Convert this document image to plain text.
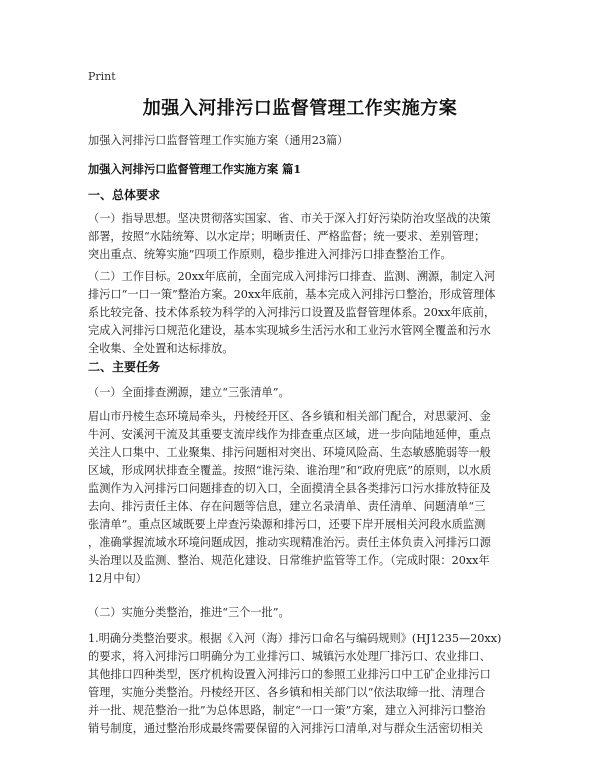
Print
加强入河排污口监督管理工作实施方案
加强入河排污口监督管理工作实施方案（通用23篇）
加强入河排污口监督管理工作实施方案 篇1
一、总体要求
（一）指导思想。坚决贯彻落实国家、省、市关于深入打好污染防治攻坚战的决策
部署，按照“水陆统筹、以水定岸；明晰责任、严格监督；统一要求、差别管理；
突出重点、统筹实施”四项工作原则，稳步推进入河排污口排查整治工作。
（二）工作目标。20xx年底前，全面完成入河排污口排查、监测、溯源，制定入河
排污口“一口一策”整治方案。20xx年底前，基本完成入河排污口整治，形成管理体
系比较完备、技术体系较为科学的入河排污口设置及监督管理体系。20xx年底前，
完成入河排污口规范化建设，基本实现城乡生活污水和工业污水管网全覆盖和污水
全收集、全处置和达标排放。
二、主要任务
（一）全面排查溯源，建立“三张清单”。
眉山市丹棱生态环境局牵头，丹棱经开区、各乡镇和相关部门配合，对思蒙河、金
牛河、安溪河干流及其重要支流岸线作为排查重点区域，进一步向陆地延伸，重点
关注人口集中、工业聚集、排污问题相对突出、环境风险高、生态敏感脆弱等一般
区域，形成网状排查全覆盖。按照“谁污染、谁治理”和“政府兜底”的原则，以水质
监测作为入河排污口问题排查的切入口，全面摸清全县各类排污口污水排放特征及
去向、排污责任主体、存在问题等信息，建立名录清单、责任清单、问题清单“三
张清单”。重点区域既要上岸查污染源和排污口，还要下岸开展相关河段水质监测
，准确掌握流域水环境问题成因，推动实现精准治污。责任主体负责入河排污口源
头治理以及监测、整治、规范化建设、日常维护监管等工作。（完成时限：20xx年
12月中旬）
（二）实施分类整治，推进“三个一批”。
1.明确分类整治要求。根据《入河（海）排污口命名与编码规则》(HJ1235—20xx)
的要求，将入河排污口明确分为工业排污口、城镇污水处理厂排污口、农业排口、
其他排口四种类型，医疗机构设置入河排污口的参照工业排污口中工矿企业排污口
管理，实施分类整治。丹棱经开区、各乡镇和相关部门以“依法取缔一批、清理合
并一批、规范整治一批”为总体思路，制定“一口一策”方案，建立入河排污口整治
销号制度，通过整治形成最终需要保留的入河排污口清单,对与群众生活密切相关
